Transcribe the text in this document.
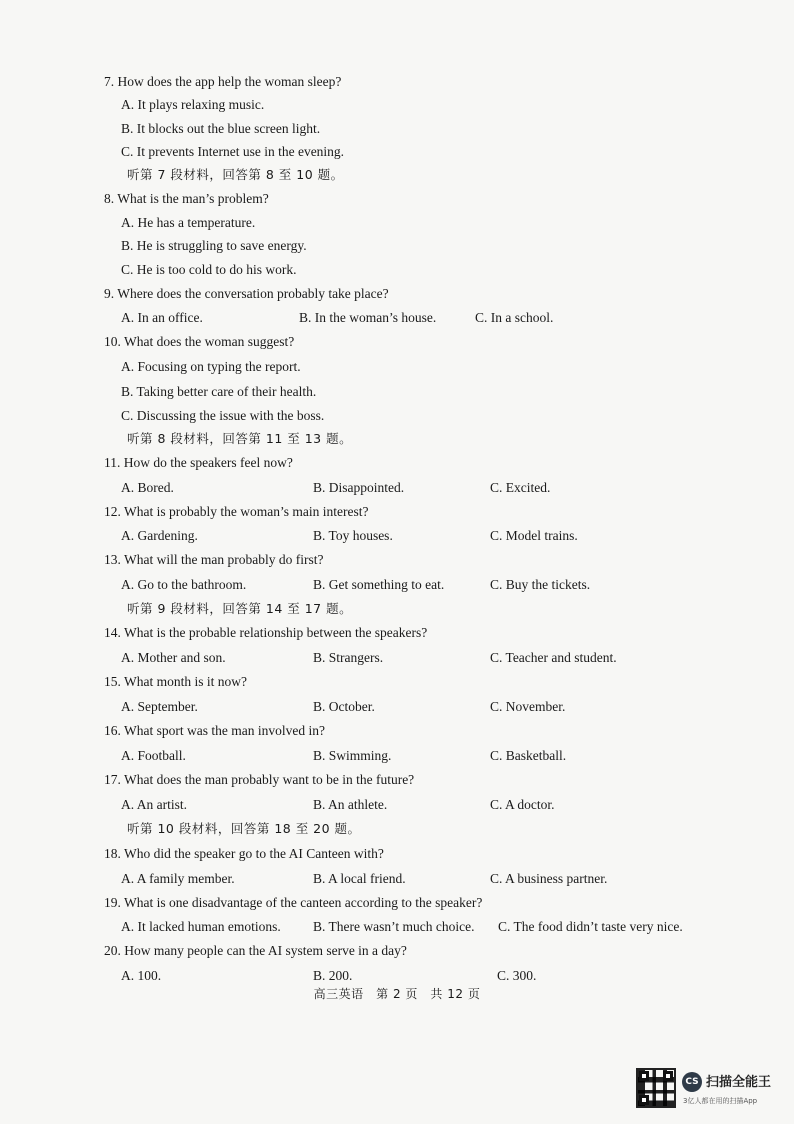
7. How does the app help the woman sleep?
A. It plays relaxing music.
B. It blocks out the blue screen light.
C. It prevents Internet use in the evening.
听第 7 段材料，回答第 8 至 10 题。
8. What is the man’s problem?
A. He has a temperature.
B. He is struggling to save energy.
C. He is too cold to do his work.
9. Where does the conversation probably take place?
A. In an office.	B. In the woman’s house.	C. In a school.
10. What does the woman suggest?
A. Focusing on typing the report.
B. Taking better care of their health.
C. Discussing the issue with the boss.
听第 8 段材料，回答第 11 至 13 题。
11. How do the speakers feel now?
A. Bored.	B. Disappointed.	C. Excited.
12. What is probably the woman’s main interest?
A. Gardening.	B. Toy houses.	C. Model trains.
13. What will the man probably do first?
A. Go to the bathroom.	B. Get something to eat.	C. Buy the tickets.
听第 9 段材料，回答第 14 至 17 题。
14. What is the probable relationship between the speakers?
A. Mother and son.	B. Strangers.	C. Teacher and student.
15. What month is it now?
A. September.	B. October.	C. November.
16. What sport was the man involved in?
A. Football.	B. Swimming.	C. Basketball.
17. What does the man probably want to be in the future?
A. An artist.	B. An athlete.	C. A doctor.
听第 10 段材料，回答第 18 至 20 题。
18. Who did the speaker go to the AI Canteen with?
A. A family member.	B. A local friend.	C. A business partner.
19. What is one disadvantage of the canteen according to the speaker?
A. It lacked human emotions. B. There wasn’t much choice. C. The food didn’t taste very nice.
20. How many people can the AI system serve in a day?
A. 100.	B. 200.	C. 300.
高三英语　第 2 页　共 12 页
CS 扫描全能王
3亿人都在用的扫描App
